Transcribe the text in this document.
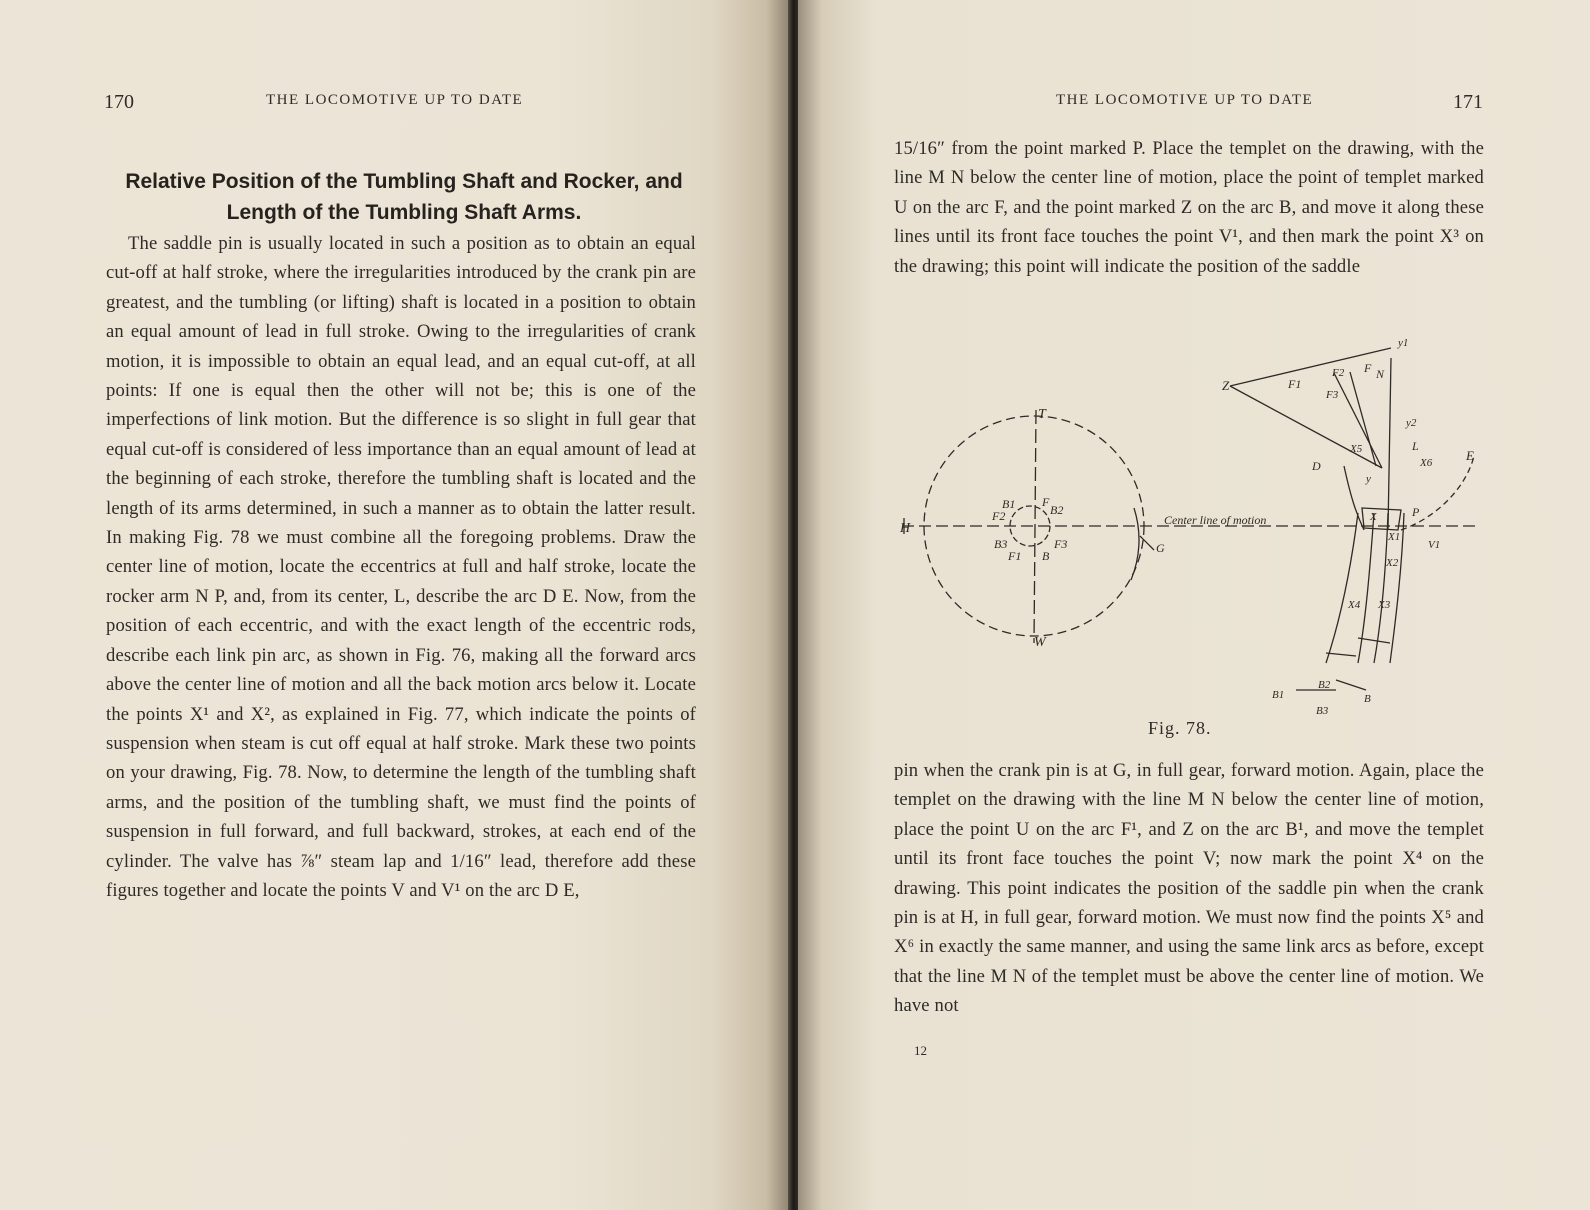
170	THE LOCOMOTIVE UP TO DATE
Relative Position of the Tumbling Shaft and Rocker, and Length of the Tumbling Shaft Arms.

The saddle pin is usually located in such a position as to obtain an equal cut-off at half stroke, where the irregularities introduced by the crank pin are greatest, and the tumbling (or lifting) shaft is located in a position to obtain an equal amount of lead in full stroke. Owing to the irregularities of crank motion, it is impossible to obtain an equal lead, and an equal cut-off, at all points: If one is equal then the other will not be; this is one of the imperfections of link motion. But the difference is so slight in full gear that equal cut-off is considered of less importance than an equal amount of lead at the beginning of each stroke, therefore the tumbling shaft is located and the length of its arms determined, in such a manner as to obtain the latter result. In making Fig. 78 we must combine all the foregoing problems. Draw the center line of motion, locate the eccentrics at full and half stroke, locate the rocker arm N P, and, from its center, L, describe the arc D E. Now, from the position of each eccentric, and with the exact length of the eccentric rods, describe each link pin arc, as shown in Fig. 76, making all the forward arcs above the center line of motion and all the back motion arcs below it. Locate the points X¹ and X², as explained in Fig. 77, which indicate the points of suspension when steam is cut off equal at half stroke. Mark these two points on your drawing, Fig. 78. Now, to determine the length of the tumbling shaft arms, and the position of the tumbling shaft, we must find the points of suspension in full forward, and full backward, strokes, at each end of the cylinder. The valve has ⅞″ steam lap and 1/16″ lead, therefore add these figures together and locate the points V and V¹ on the arc D E,

THE LOCOMOTIVE UP TO DATE	171

15/16″ from the point marked P. Place the templet on the drawing, with the line M N below the center line of motion, place the point of templet marked U on the arc F, and the point marked Z on the arc B, and move it along these lines until its front face touches the point V¹, and then mark the point X³ on the drawing; this point will indicate the position of the saddle

T
W
H
G
B1 F
B2
F2
B3
F1 B
F3
Center line of motion
Z	F1
F2
F3
F N
y1
y2
X5	L
X6
D
y
E
P
X
X1
V1
X2
X4 X3
B1
B2
B
B3
Fig. 78.

pin when the crank pin is at G, in full gear, forward motion. Again, place the templet on the drawing with the line M N below the center line of motion, place the point U on the arc F¹, and Z on the arc B¹, and move the templet until its front face touches the point V; now mark the point X⁴ on the drawing. This point indicates the position of the saddle pin when the crank pin is at H, in full gear, forward motion. We must now find the points X⁵ and X⁶ in exactly the same manner, and using the same link arcs as before, except that the line M N of the templet must be above the center line of motion. We have not

12
